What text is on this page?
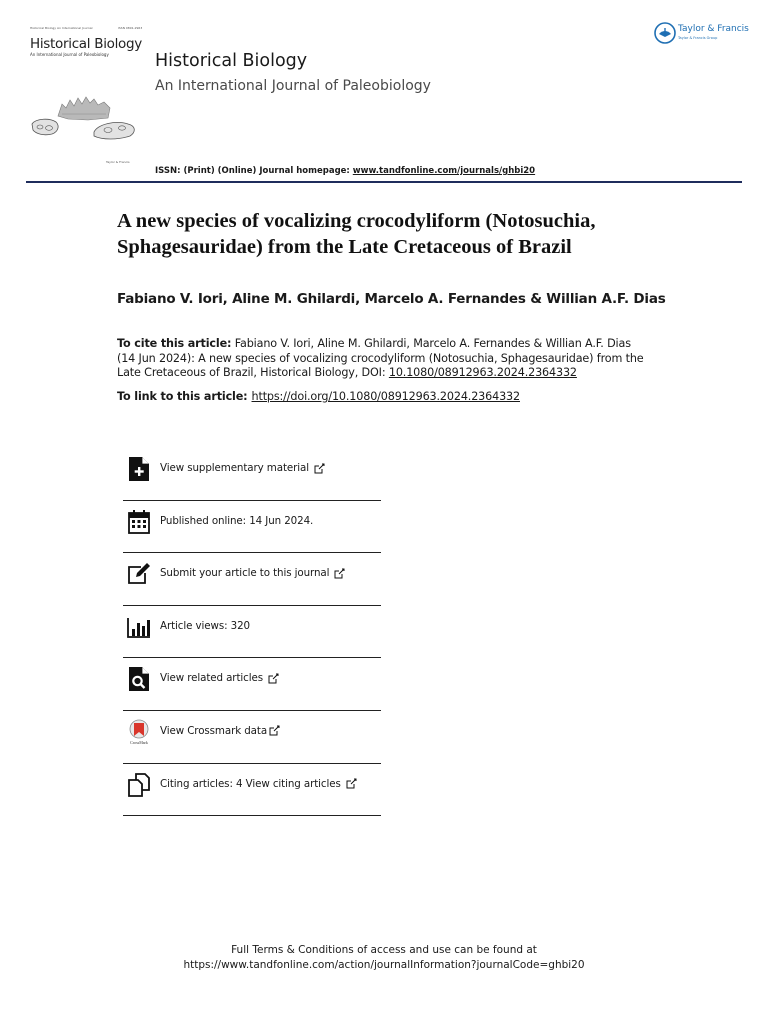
Historical Biology An International Journal	ISSN 0891-2963
Historical Biology
An International Journal of Paleobiology
Taylor & Francis
Historical Biology
An International Journal of Paleobiology
ISSN: (Print) (Online) Journal homepage: www.tandfonline.com/journals/ghbi20
Taylor & Francis
Taylor & Francis Group
A new species of vocalizing crocodyliform (Notosuchia, Sphagesauridae) from the Late Cretaceous of Brazil
Fabiano V. Iori, Aline M. Ghilardi, Marcelo A. Fernandes & Willian A.F. Dias
To cite this article: Fabiano V. Iori, Aline M. Ghilardi, Marcelo A. Fernandes & Willian A.F. Dias (14 Jun 2024): A new species of vocalizing crocodyliform (Notosuchia, Sphagesauridae) from the Late Cretaceous of Brazil, Historical Biology, DOI: 10.1080/08912963.2024.2364332
To link to this article: https://doi.org/10.1080/08912963.2024.2364332
View supplementary material
Published online: 14 Jun 2024.
Submit your article to this journal
Article views: 320
View related articles
CrossMark
View Crossmark data
Citing articles: 4 View citing articles
Full Terms & Conditions of access and use can be found at
https://www.tandfonline.com/action/journalInformation?journalCode=ghbi20
